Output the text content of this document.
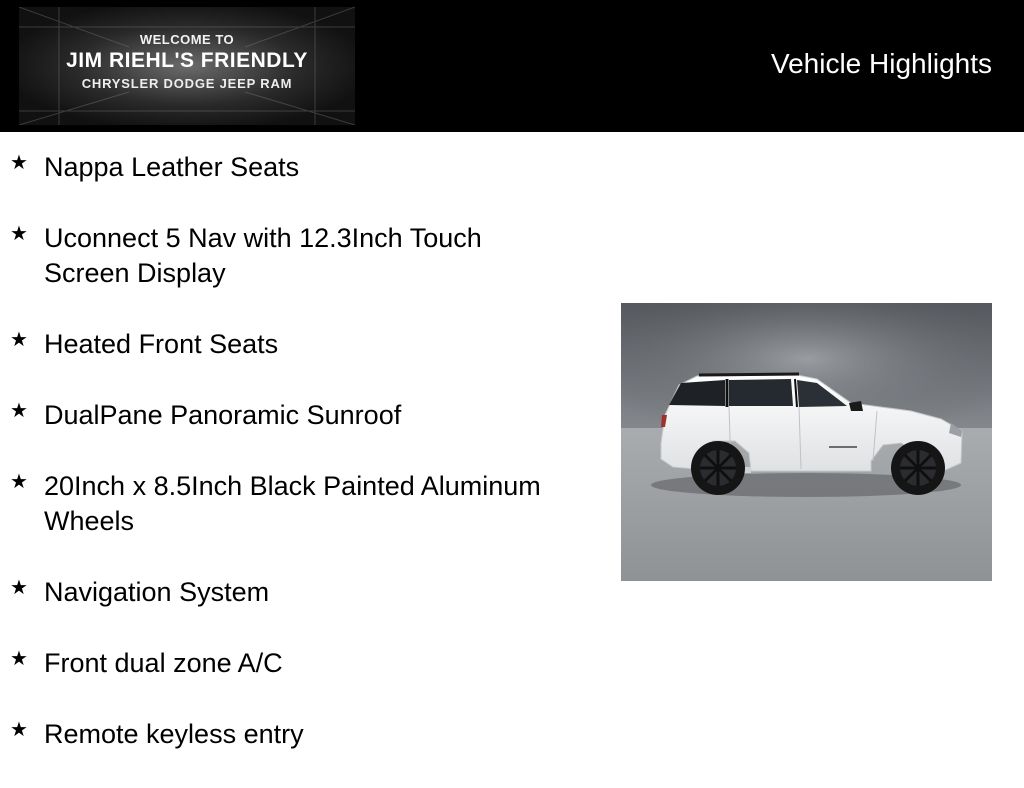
WELCOME TO
JIM RIEHL'S FRIENDLY
CHRYSLER DODGE JEEP RAM
Vehicle Highlights
★ Nappa Leather Seats
★ Uconnect 5 Nav with 12.3Inch Touch Screen Display
★ Heated Front Seats
★ DualPane Panoramic Sunroof
★ 20Inch x 8.5Inch Black Painted Aluminum Wheels
★ Navigation System
★ Front dual zone A/C
★ Remote keyless entry
